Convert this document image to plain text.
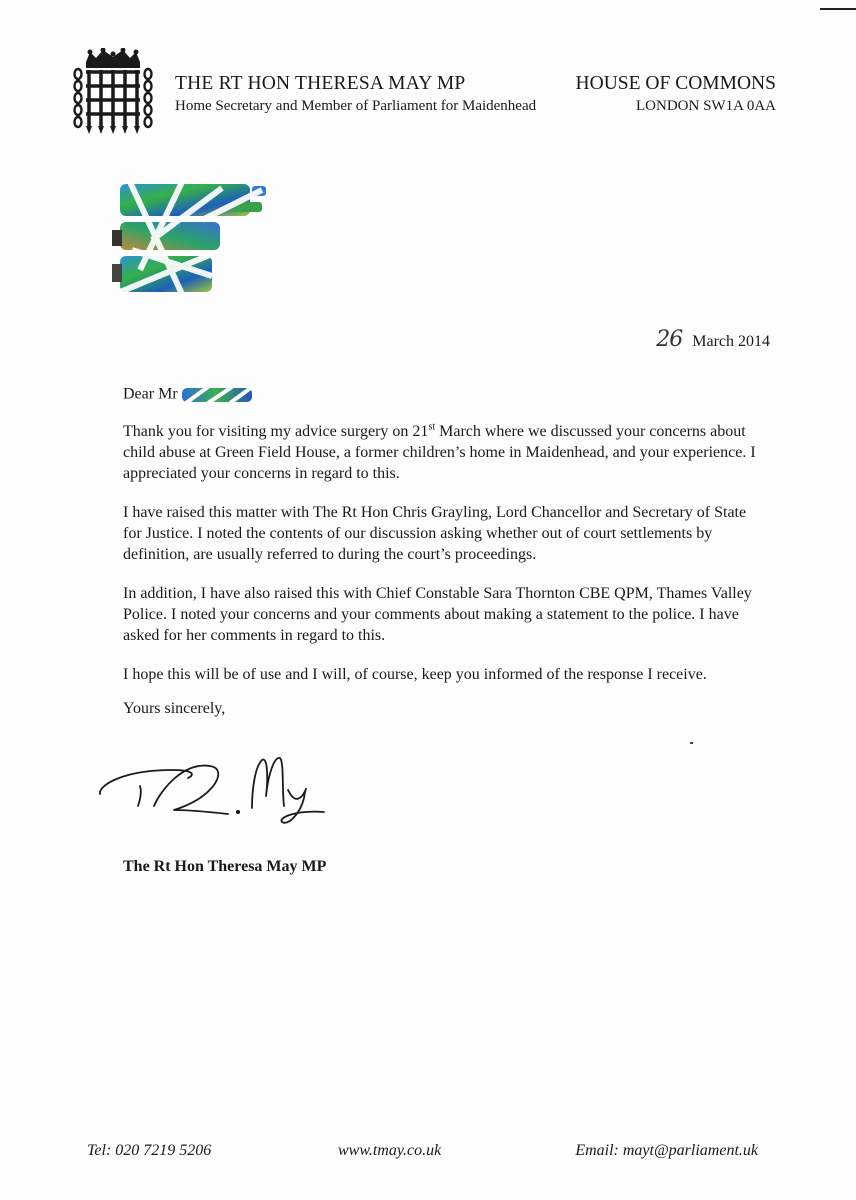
THE RT HON THERESA MAY MP
Home Secretary and Member of Parliament for Maidenhead
HOUSE OF COMMONS
LONDON SW1A 0AA
26 March 2014
Dear Mr
Thank you for visiting my advice surgery on 21st March where we discussed your concerns about child abuse at Green Field House, a former children’s home in Maidenhead, and your experience. I appreciated your concerns in regard to this.
I have raised this matter with The Rt Hon Chris Grayling, Lord Chancellor and Secretary of State for Justice. I noted the contents of our discussion asking whether out of court settlements by definition, are usually referred to during the court’s proceedings.
In addition, I have also raised this with Chief Constable Sara Thornton CBE QPM, Thames Valley Police. I noted your concerns and your comments about making a statement to the police. I have asked for her comments in regard to this.
I hope this will be of use and I will, of course, keep you informed of the response I receive.
Yours sincerely,
The Rt Hon Theresa May MP
Tel: 020 7219 5206	www.tmay.co.uk	Email: mayt@parliament.uk
